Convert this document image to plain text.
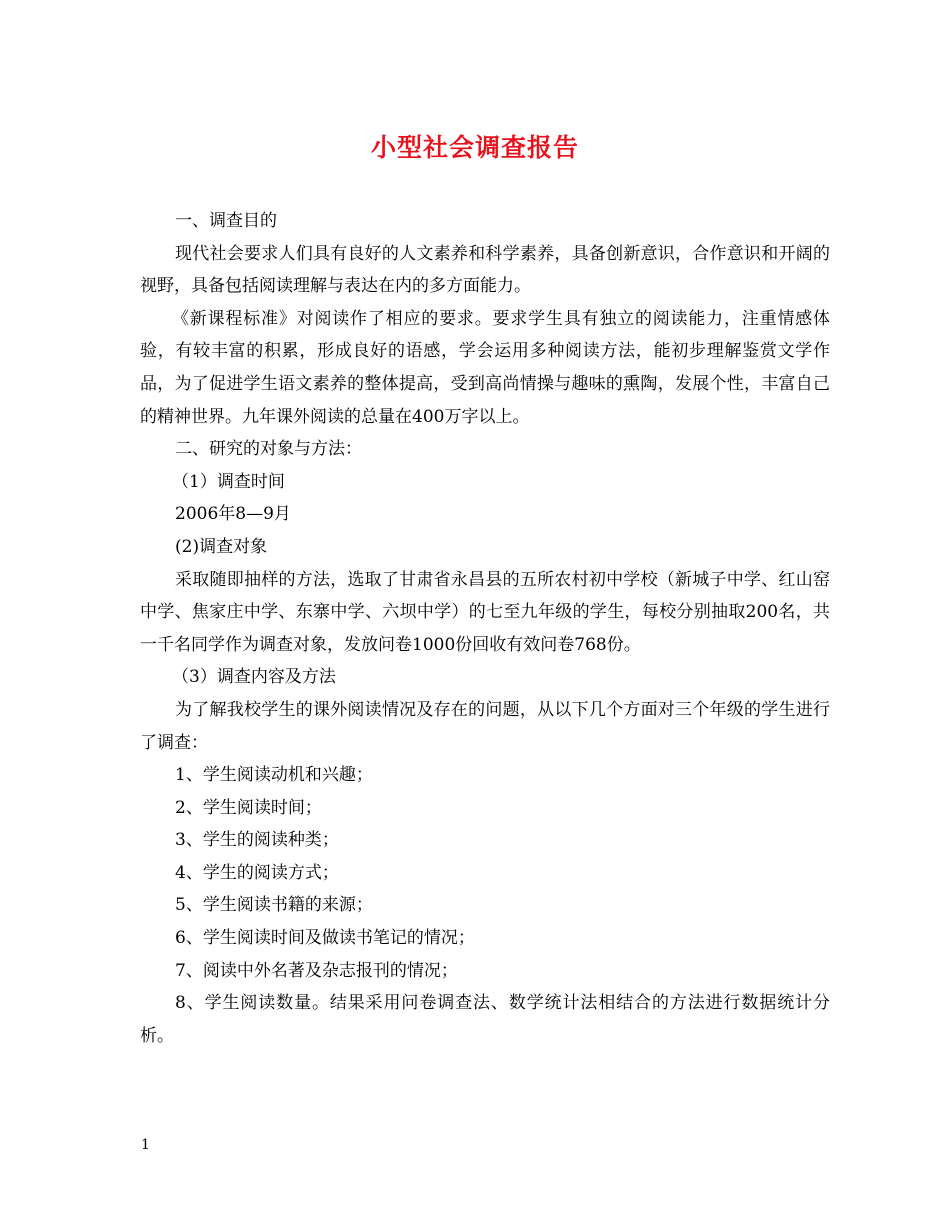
小型社会调查报告

一、调查目的

现代社会要求人们具有良好的人文素养和科学素养，具备创新意识，合作意识和开阔的视野，具备包括阅读理解与表达在内的多方面能力。

《新课程标准》对阅读作了相应的要求。要求学生具有独立的阅读能力，注重情感体验，有较丰富的积累，形成良好的语感，学会运用多种阅读方法，能初步理解鉴赏文学作品，为了促进学生语文素养的整体提高，受到高尚情操与趣味的熏陶，发展个性，丰富自己的精神世界。九年课外阅读的总量在400万字以上。

二、研究的对象与方法：

（1）调查时间

2006年8—9月

(2)调查对象

采取随即抽样的方法，选取了甘肃省永昌县的五所农村初中学校（新城子中学、红山窑中学、焦家庄中学、东寨中学、六坝中学）的七至九年级的学生，每校分别抽取200名，共一千名同学作为调查对象，发放问卷1000份回收有效问卷768份。

（3）调查内容及方法

为了解我校学生的课外阅读情况及存在的问题，从以下几个方面对三个年级的学生进行了调查：

1、学生阅读动机和兴趣；

2、学生阅读时间；

3、学生的阅读种类；

4、学生的阅读方式；

5、学生阅读书籍的来源；

6、学生阅读时间及做读书笔记的情况；

7、阅读中外名著及杂志报刊的情况；

8、学生阅读数量。结果采用问卷调查法、数学统计法相结合的方法进行数据统计分析。

1
